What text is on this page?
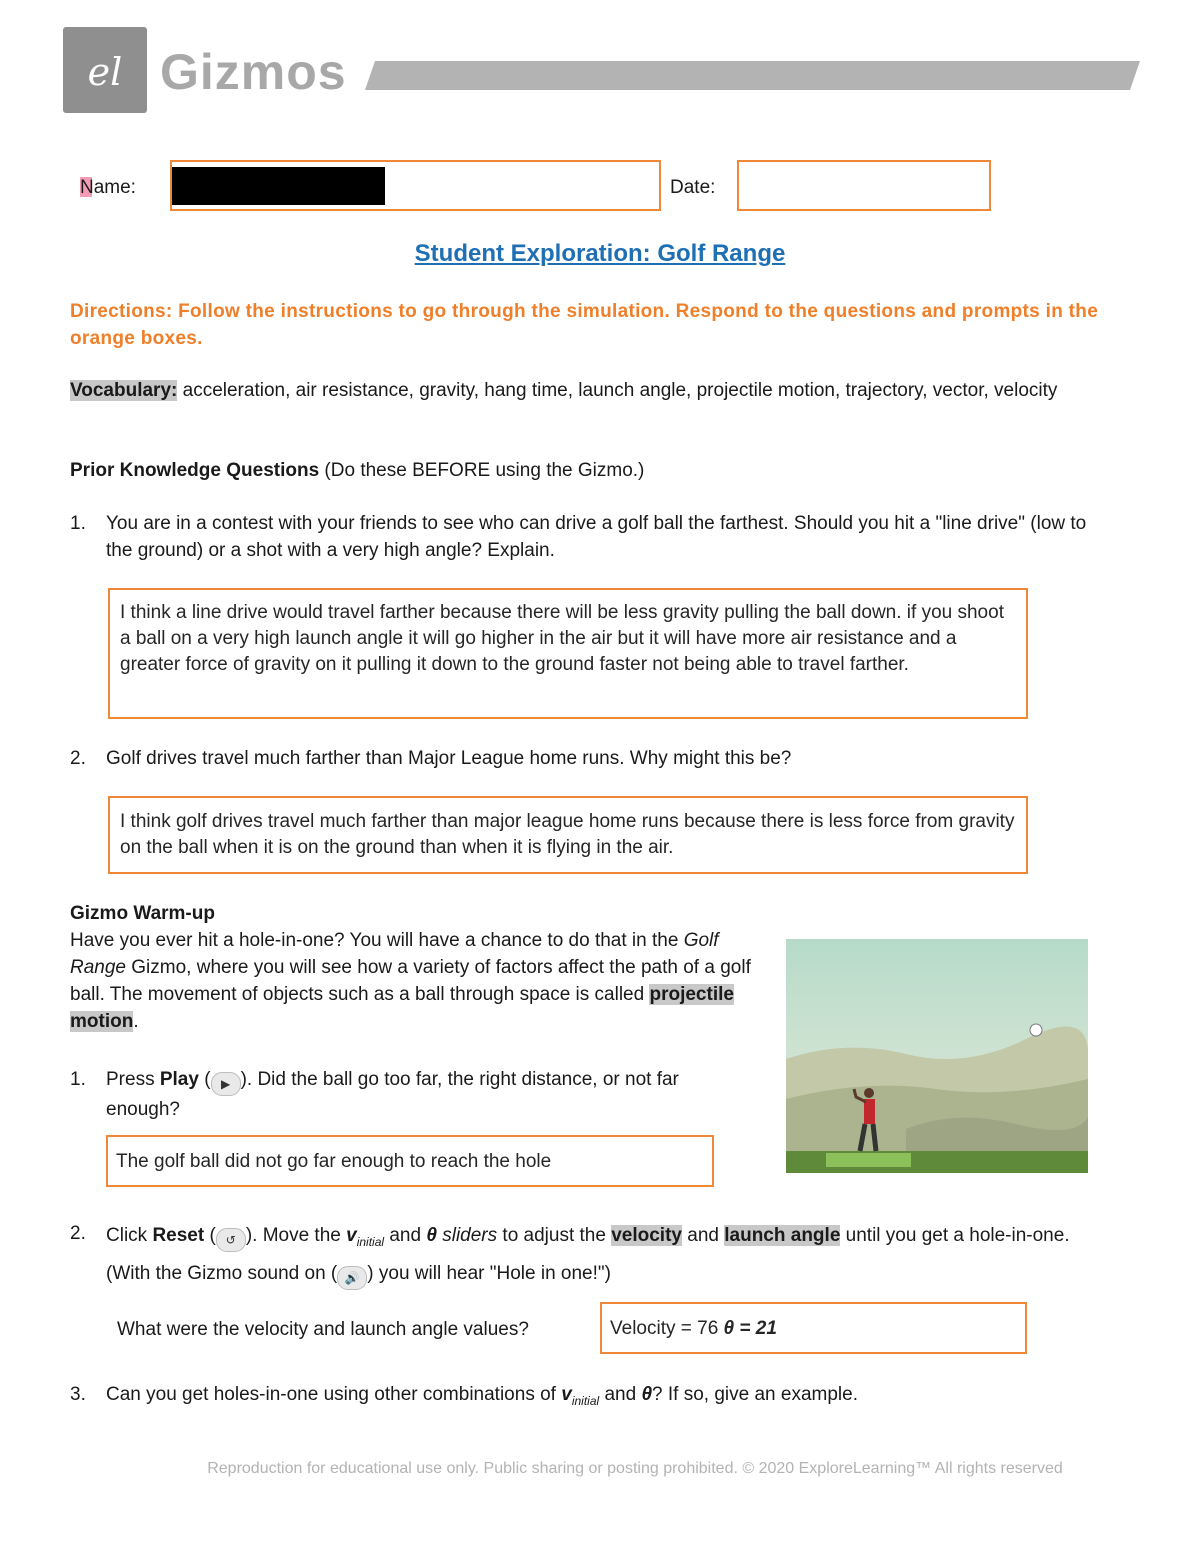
𝑒𝑙 Gizmos
Name:	Date:
Student Exploration: Golf Range
Directions: Follow the instructions to go through the simulation. Respond to the questions and prompts in the orange boxes.
Vocabulary: acceleration, air resistance, gravity, hang time, launch angle, projectile motion, trajectory, vector, velocity
Prior Knowledge Questions (Do these BEFORE using the Gizmo.)
1. You are in a contest with your friends to see who can drive a golf ball the farthest. Should you hit a "line drive" (low to the ground) or a shot with a very high angle? Explain.
I think a line drive would travel farther because there will be less gravity pulling the ball down. if you shoot a ball on a very high launch angle it will go higher in the air but it will have more air resistance and a greater force of gravity on it pulling it down to the ground faster not being able to travel farther.
2. Golf drives travel much farther than Major League home runs. Why might this be?
I think golf drives travel much farther than major league home runs because there is less force from gravity on the ball when it is on the ground than when it is flying in the air.
Gizmo Warm-up
Have you ever hit a hole-in-one? You will have a chance to do that in the Golf Range Gizmo, where you will see how a variety of factors affect the path of a golf ball. The movement of objects such as a ball through space is called projectile motion.
1. Press Play ( ▶ ). Did the ball go too far, the right distance, or not far enough?
The golf ball did not go far enough to reach the hole
2. Click Reset ( ↺ ). Move the $v_{initial}$ and θ sliders to adjust the velocity and launch angle until you get a hole-in-one. (With the Gizmo sound on ( 🔊 ) you will hear "Hole in one!")
What were the velocity and launch angle values?	Velocity = 76 θ = 21
3. Can you get holes-in-one using other combinations of $v_{initial}$ and θ? If so, give an example.
Reproduction for educational use only. Public sharing or posting prohibited. © 2020 ExploreLearning™ All rights reserved
